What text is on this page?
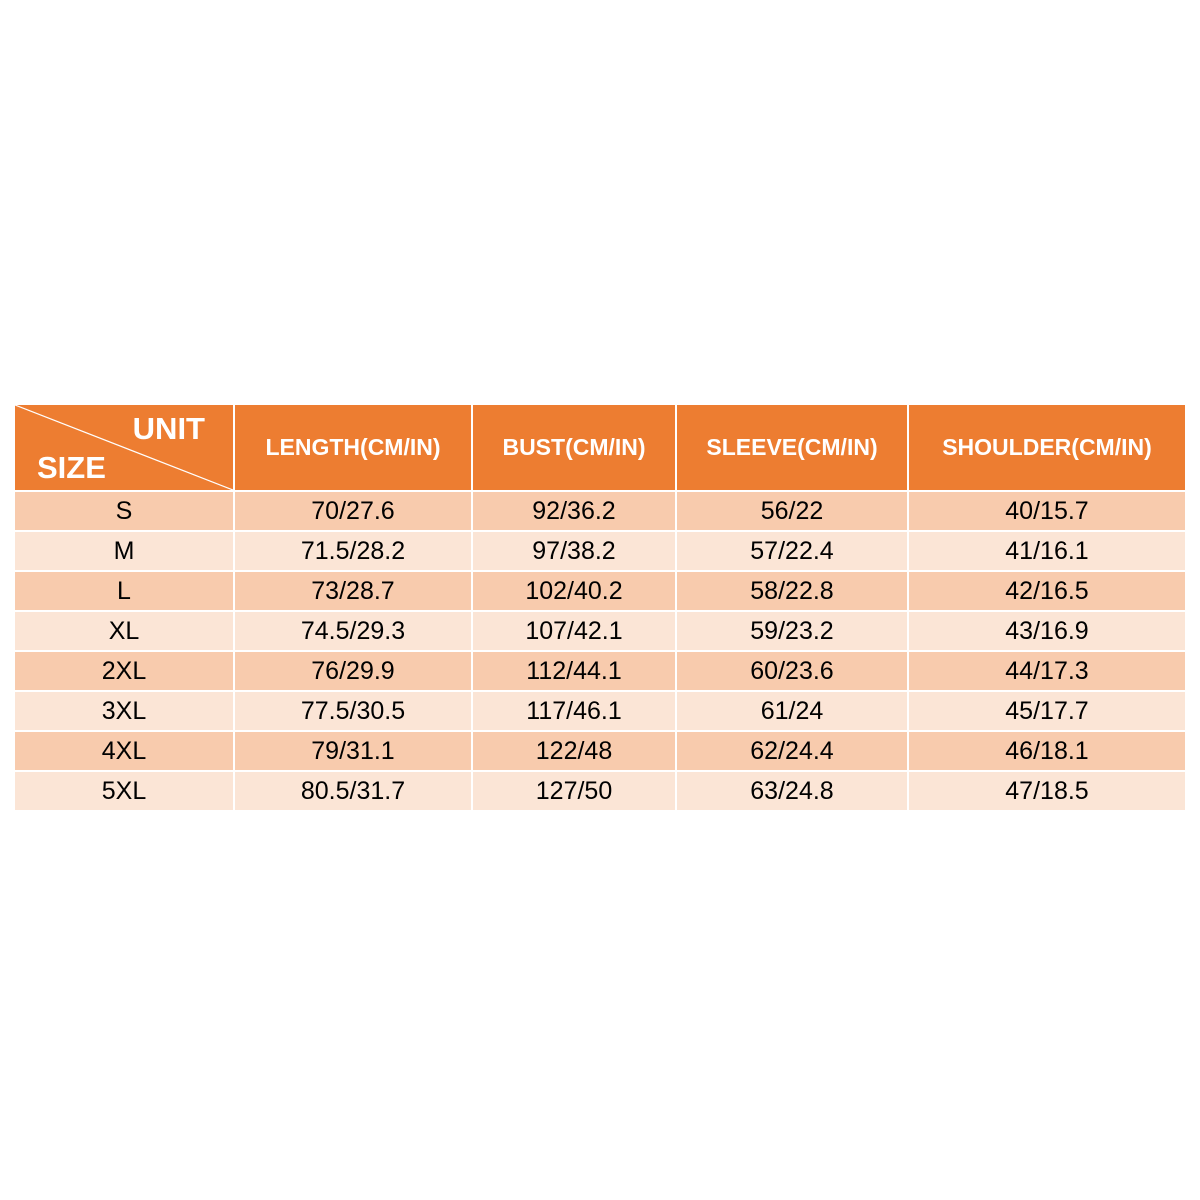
UNIT
SIZE	LENGTH(CM/IN)	BUST(CM/IN)	SLEEVE(CM/IN)	SHOULDER(CM/IN)
S	70/27.6	92/36.2	56/22	40/15.7
M	71.5/28.2	97/38.2	57/22.4	41/16.1
L	73/28.7	102/40.2	58/22.8	42/16.5
XL	74.5/29.3	107/42.1	59/23.2	43/16.9
2XL	76/29.9	112/44.1	60/23.6	44/17.3
3XL	77.5/30.5	117/46.1	61/24	45/17.7
4XL	79/31.1	122/48	62/24.4	46/18.1
5XL	80.5/31.7	127/50	63/24.8	47/18.5
